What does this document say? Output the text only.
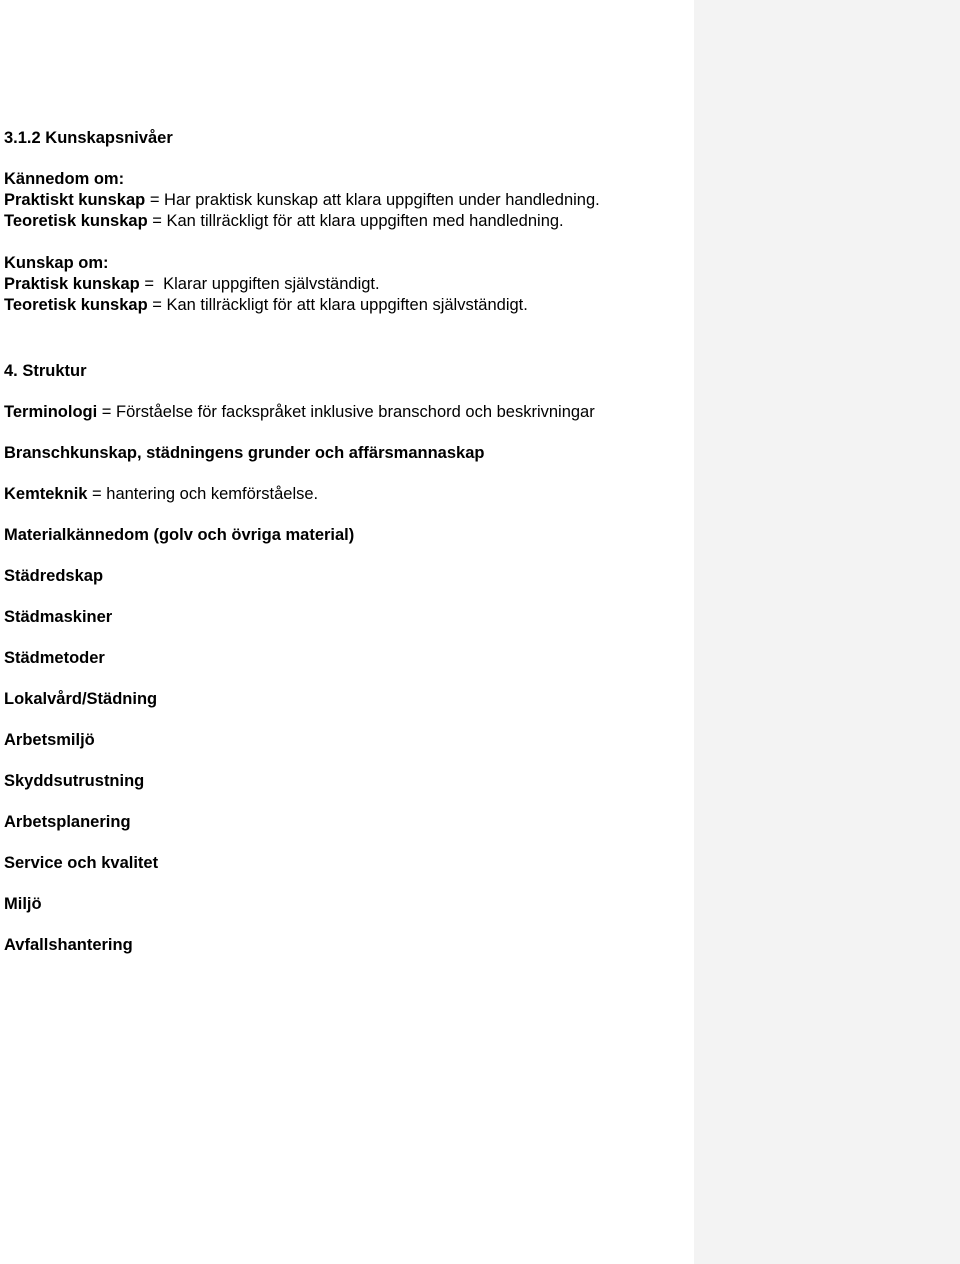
3.1.2 Kunskapsnivåer
Kännedom om:
Praktiskt kunskap = Har praktisk kunskap att klara uppgiften under handledning.
Teoretisk kunskap = Kan tillräckligt för att klara uppgiften med handledning.
Kunskap om:
Praktisk kunskap =  Klarar uppgiften självständigt.
Teoretisk kunskap = Kan tillräckligt för att klara uppgiften självständigt.
4. Struktur
Terminologi = Förståelse för fackspråket inklusive branschord och beskrivningar
Branschkunskap, städningens grunder och affärsmannaskap
Kemteknik = hantering och kemförståelse.
Materialkännedom (golv och övriga material)
Städredskap
Städmaskiner
Städmetoder
Lokalvård/Städning
Arbetsmiljö
Skyddsutrustning
Arbetsplanering
Service och kvalitet
Miljö
Avfallshantering
